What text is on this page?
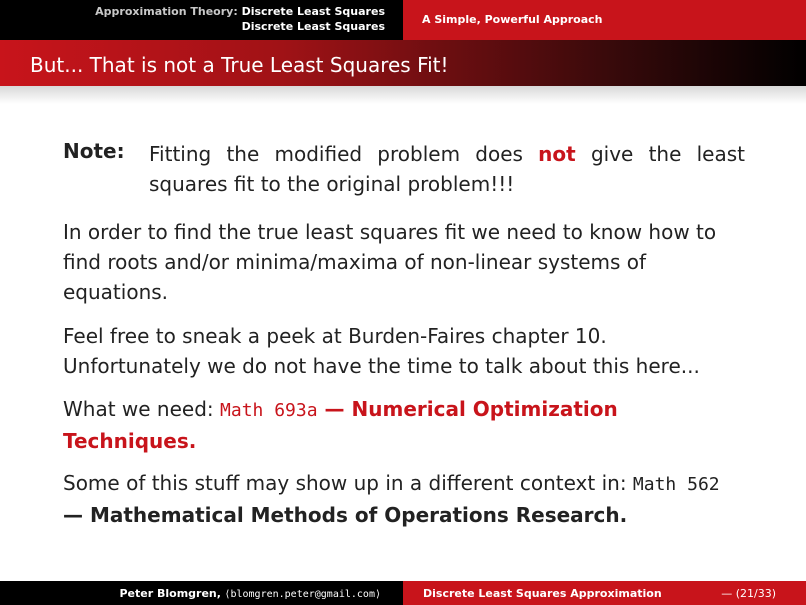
Approximation Theory: Discrete Least Squares
Discrete Least Squares
A Simple, Powerful Approach
But... That is not a True Least Squares Fit!
Note: Fitting the modified problem does not give the least squares fit to the original problem!!!
In order to find the true least squares fit we need to know how to find roots and/or minima/maxima of non-linear systems of equations.
Feel free to sneak a peek at Burden-Faires chapter 10. Unfortunately we do not have the time to talk about this here...
What we need: Math 693a — Numerical Optimization Techniques.
Some of this stuff may show up in a different context in: Math 562
— Mathematical Methods of Operations Research.
Peter Blomgren, ⟨blomgren.peter@gmail.com⟩	Discrete Least Squares Approximation	— (21/33)
